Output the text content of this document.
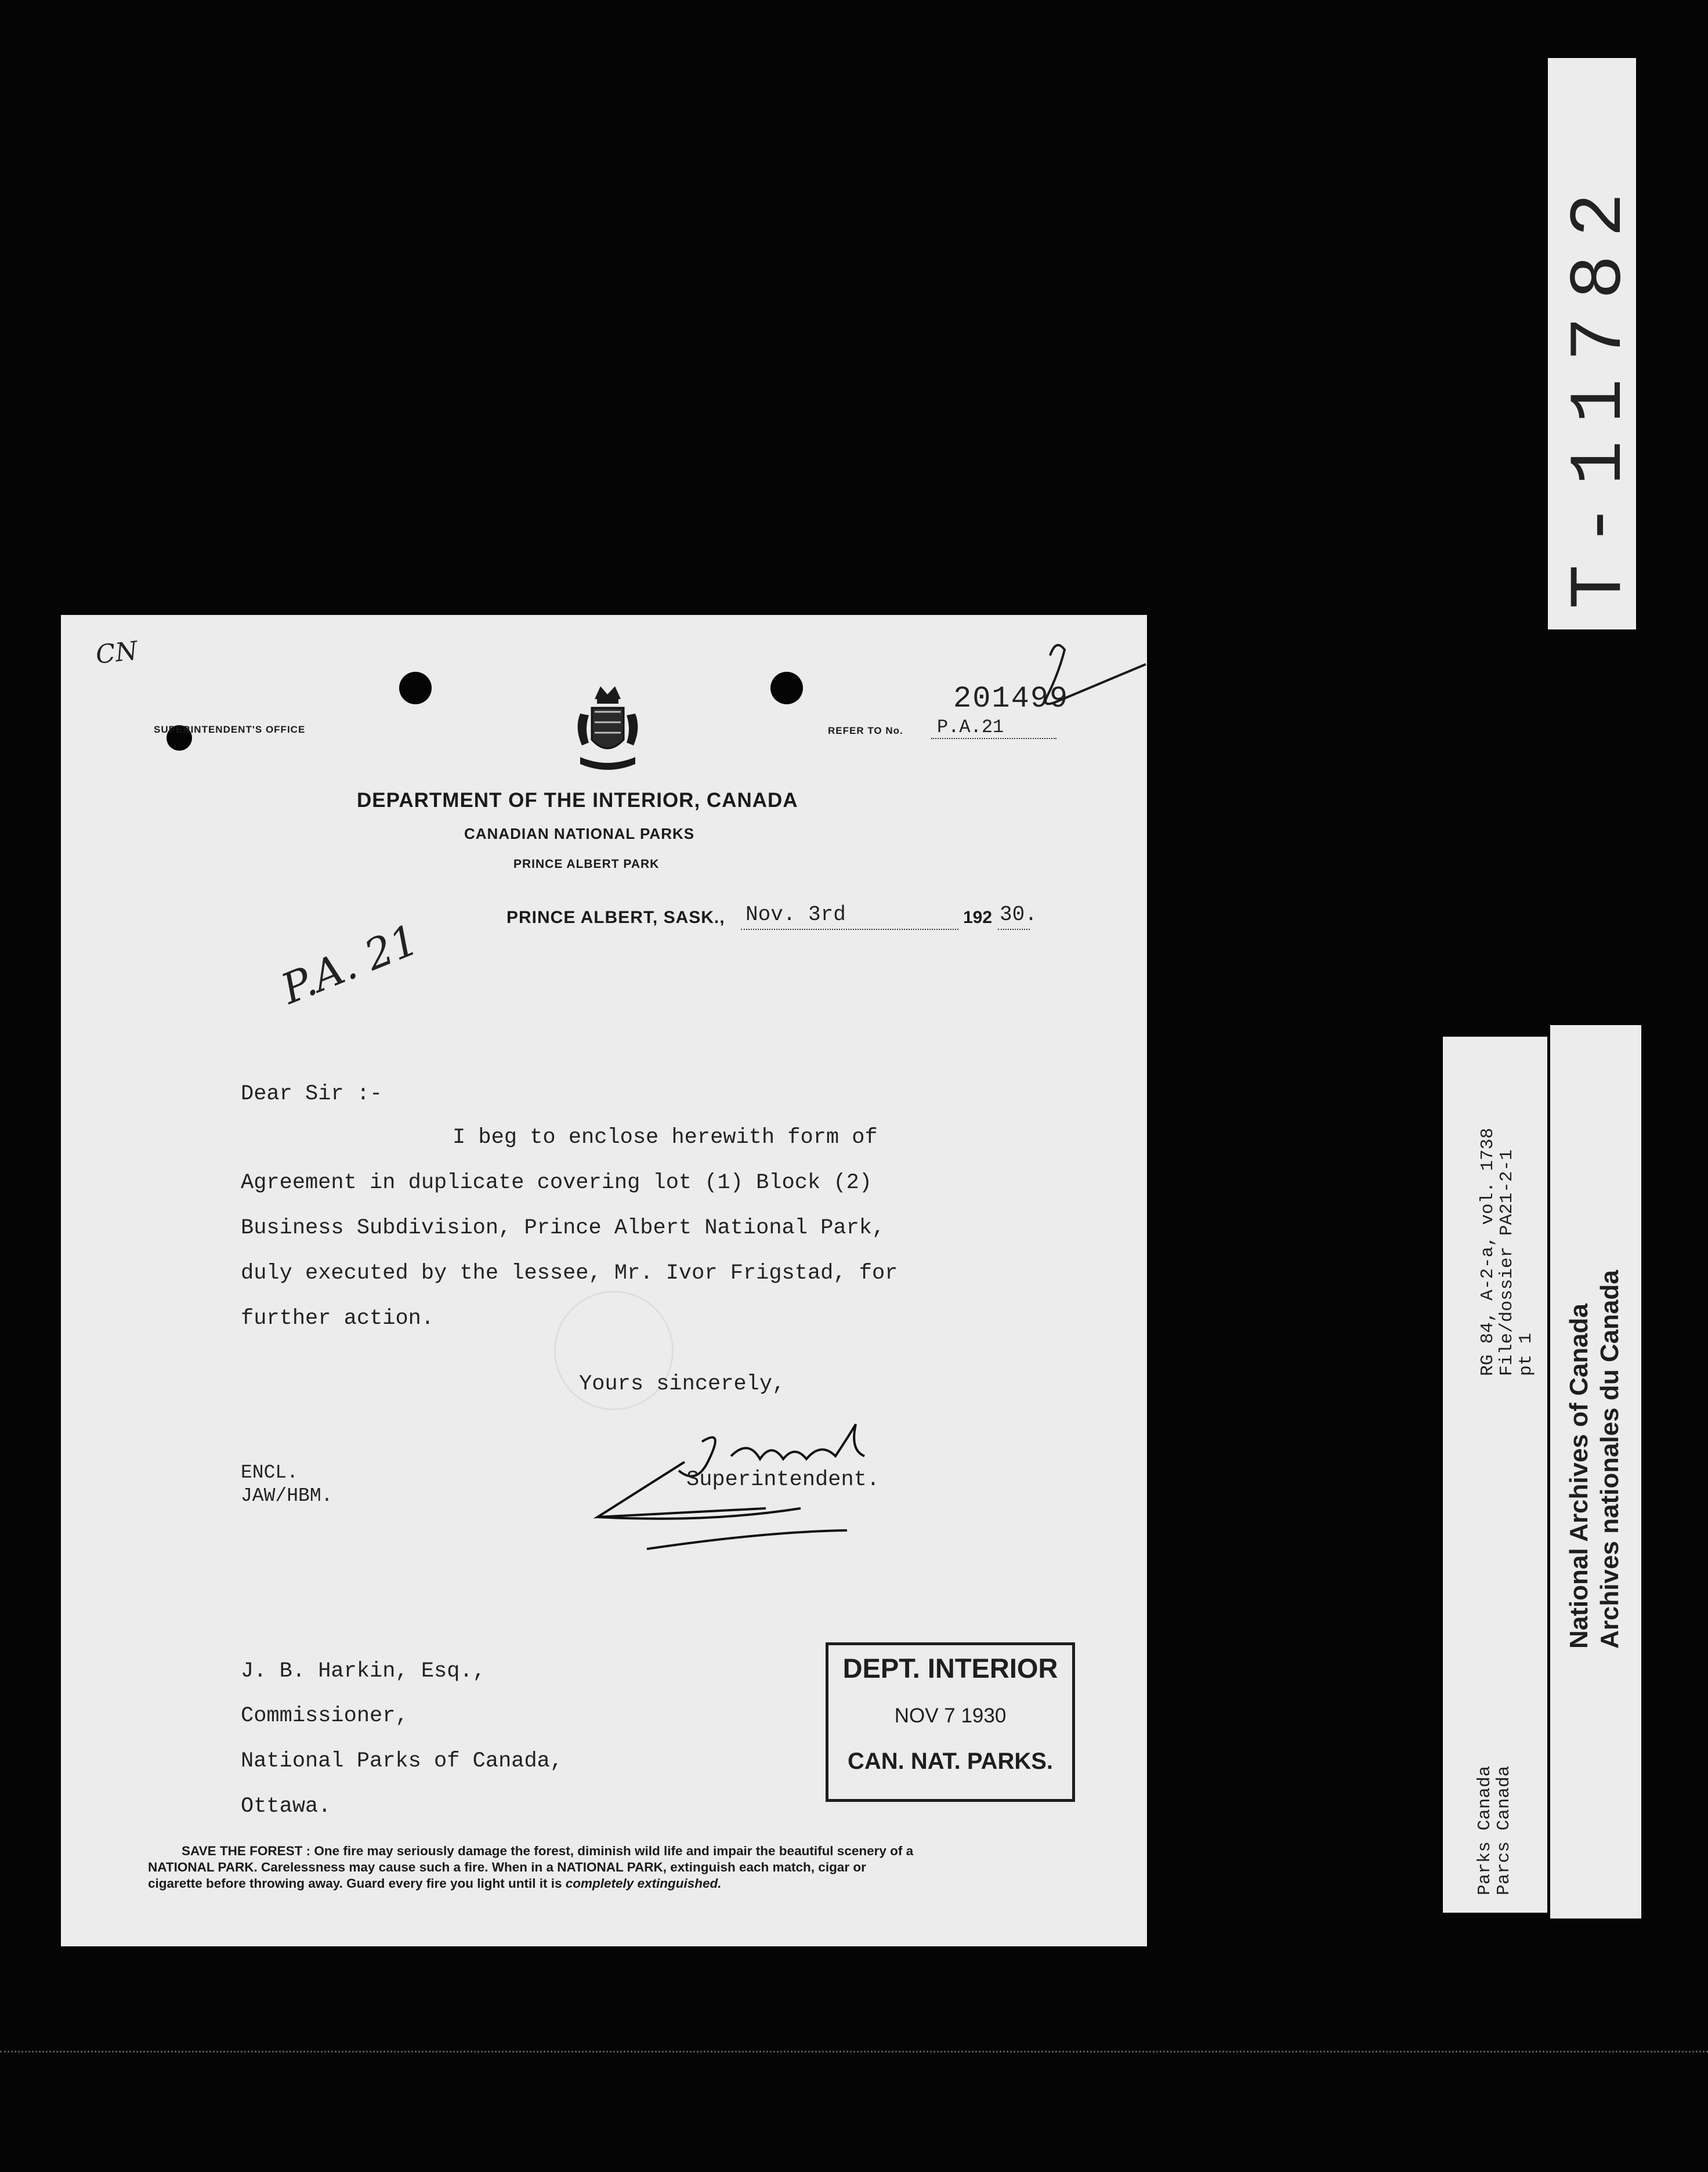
T-11782
CN
SUPERINTENDENT'S OFFICE	REFER TO No. P.A.21
201499
DEPARTMENT OF THE INTERIOR, CANADA
CANADIAN NATIONAL PARKS
PRINCE ALBERT PARK
PRINCE ALBERT, SASK., Nov. 3rd	192 30.
P.A. 21
Dear Sir :-
I beg to enclose herewith form of
Agreement in duplicate covering lot (1) Block (2)
Business Subdivision, Prince Albert National Park,
duly executed by the lessee, Mr. Ivor Frigstad, for
further action.
Yours sincerely,
Superintendent.
ENCL.
JAW/HBM.
J. B. Harkin, Esq.,
Commissioner,
National Parks of Canada,
Ottawa.
DEPT. INTERIOR
NOV 7 1930
CAN. NAT. PARKS.
SAVE THE FOREST : One fire may seriously damage the forest, diminish wild life and impair the beautiful scenery of a
NATIONAL PARK. Carelessness may cause such a fire. When in a NATIONAL PARK, extinguish each match, cigar or
cigarette before throwing away. Guard every fire you light until it is completely extinguished.
RG 84, A-2-a, vol. 1738
File/dossier PA21-2-1
pt 1
Parks Canada
Parcs Canada
National Archives of Canada Archives nationales du Canada
